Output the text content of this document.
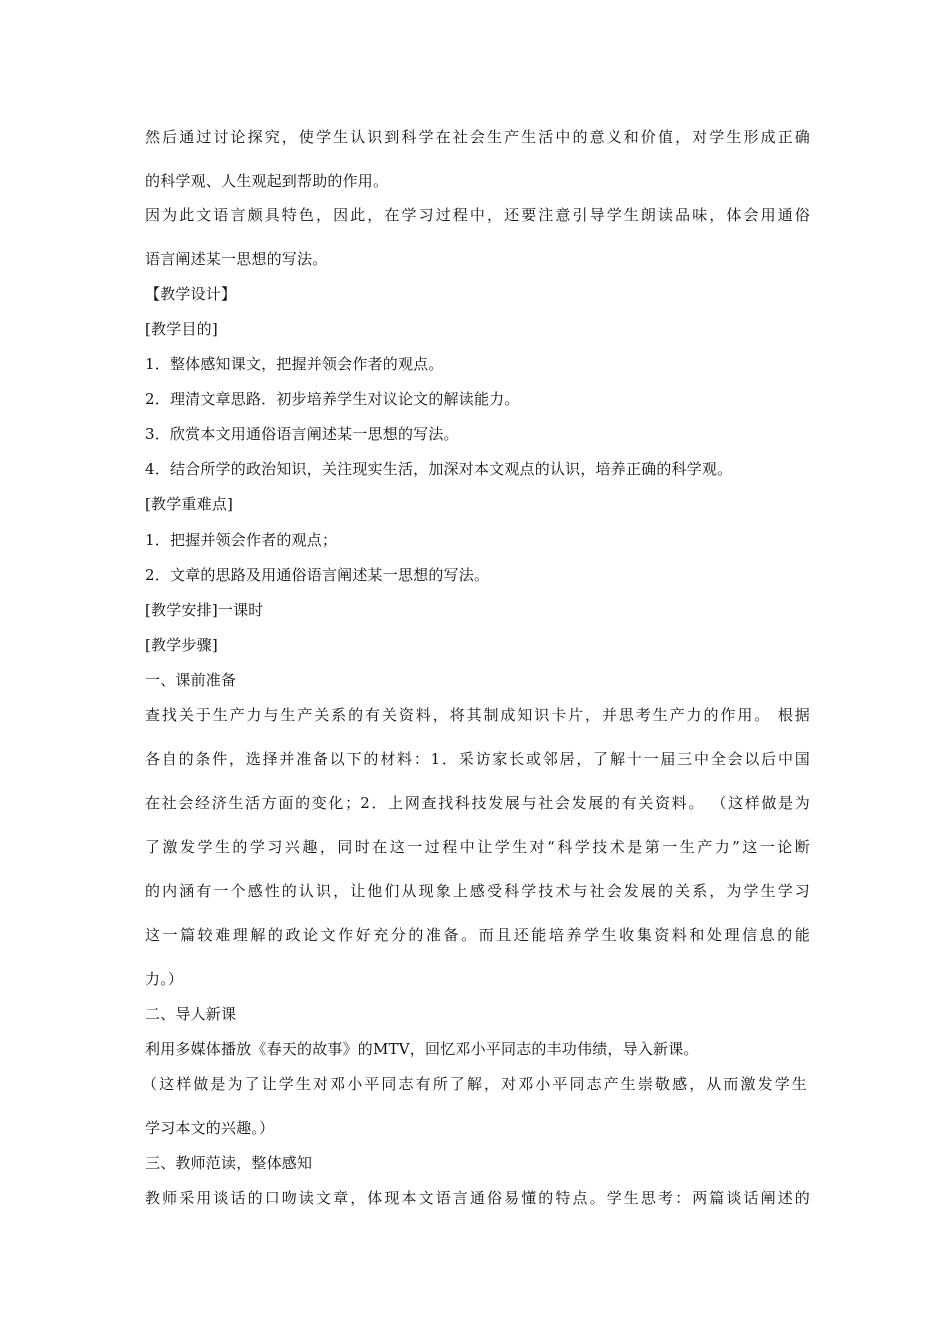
然后通过讨论探究，使学生认识到科学在社会生产生活中的意义和价值，对学生形成正确
的科学观、人生观起到帮助的作用。
因为此文语言颇具特色，因此，在学习过程中，还要注意引导学生朗读品味，体会用通俗
语言阐述某一思想的写法。
【教学设计】
[教学目的]
1．整体感知课文，把握并领会作者的观点。
2．理清文章思路．初步培养学生对议论文的解读能力。
3．欣赏本文用通俗语言阐述某一思想的写法。
4．结合所学的政治知识，关注现实生活，加深对本文观点的认识，培养正确的科学观。
[教学重难点]
1．把握并领会作者的观点；
2．文章的思路及用通俗语言阐述某一思想的写法。
[教学安排]一课时
[教学步骤]
一、课前准备
查找关于生产力与生产关系的有关资料，将其制成知识卡片，并思考生产力的作用。 根据
各自的条件，选择并准备以下的材料：1．采访家长或邻居，了解十一届三中全会以后中国
在社会经济生活方面的变化；2．上网查找科技发展与社会发展的有关资料。 （这样做是为
了激发学生的学习兴趣，同时在这一过程中让学生对“科学技术是第一生产力”这一论断
的内涵有一个感性的认识，让他们从现象上感受科学技术与社会发展的关系，为学生学习
这一篇较难理解的政论文作好充分的准备。而且还能培养学生收集资料和处理信息的能
力。）
二、导人新课
利用多媒体播放《春天的故事》的MTV，回忆邓小平同志的丰功伟绩，导入新课。
（这样做是为了让学生对邓小平同志有所了解，对邓小平同志产生崇敬感，从而激发学生
学习本文的兴趣。）
三、教师范读，整体感知
教师采用谈话的口吻读文章，体现本文语言通俗易懂的特点。学生思考：两篇谈话阐述的
